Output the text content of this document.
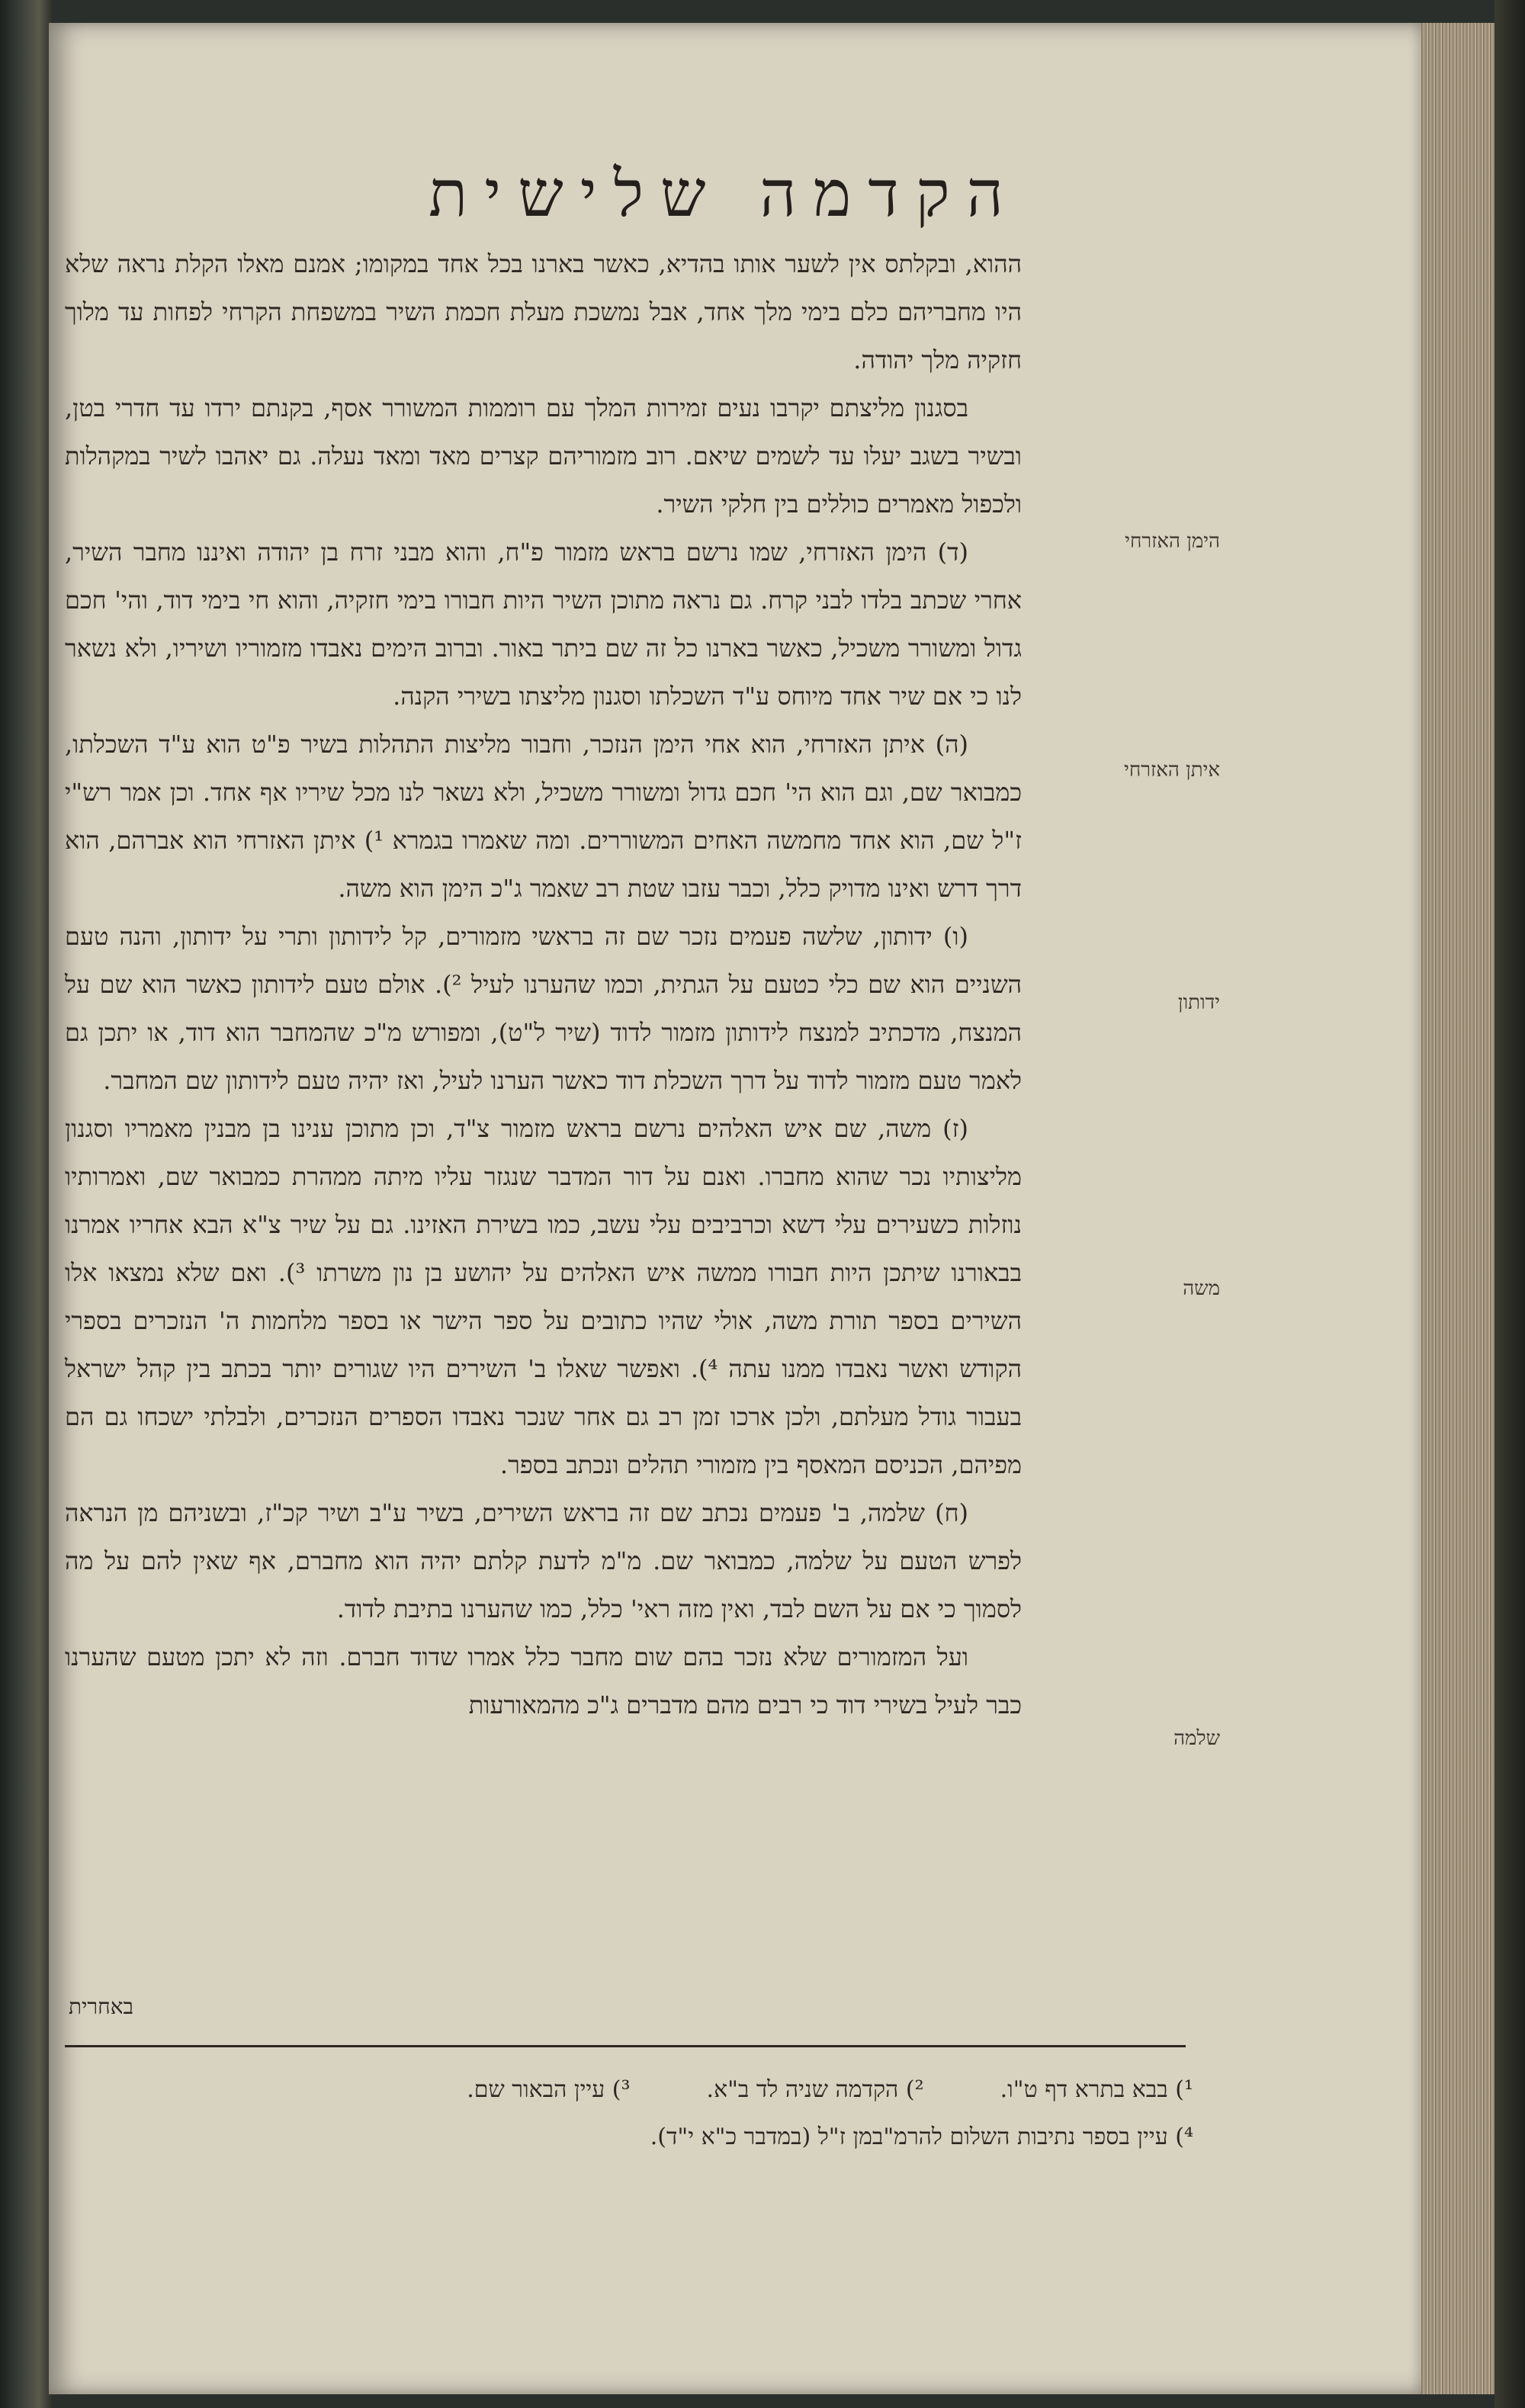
הקדמה שלישית

ההוא, ובקלתס אין לשער אותו בהדיא, כאשר בארנו בכל אחד במקומו; אמנם מאלו הקלת נראה שלא היו מחבריהם כלם בימי מלך אחד, אבל נמשכת מעלת חכמת השיר במשפחת הקרחי לפחות עד מלוך חזקיה מלך יהודה.

בסגנון מליצתם יקרבו נעים זמירות המלך עם רוממות המשורר אסף, בקנתם ירדו עד חדרי בטן, ובשיר בשגב יעלו עד לשמים שיאם. רוב מזמוריהם קצרים מאד ומאד נעלה. גם יאהבו לשיר במקהלות ולכפול מאמרים כוללים בין חלקי השיר.

(ד) הימן האזרחי, שמו נרשם בראש מזמור פ"ח, והוא מבני זרח בן יהודה ואיננו מחבר השיר, אחרי שכתב בלדו לבני קרח. גם נראה מתוכן השיר היות חבורו בימי חזקיה, והוא חי בימי דוד, והי' חכם גדול ומשורר משכיל, כאשר בארנו כל זה שם ביתר באור. וברוב הימים נאבדו מזמוריו ושיריו, ולא נשאר לנו כי אם שיר אחד מיוחס ע"ד השכלתו וסגנון מליצתו בשירי הקנה.

(ה) איתן האזרחי, הוא אחי הימן הנזכר, וחבור מליצות התהלות בשיר פ"ט הוא ע"ד השכלתו, כמבואר שם, וגם הוא הי' חכם גדול ומשורר משכיל, ולא נשאר לנו מכל שיריו אף אחד. וכן אמר רש"י ז"ל שם, הוא אחד מחמשה האחים המשוררים. ומה שאמרו בגמרא ¹) איתן האזרחי הוא אברהם, הוא דרך דרש ואינו מדויק כלל, וכבר עזבו שטת רב שאמר ג"כ הימן הוא משה.

(ו) ידותון, שלשה פעמים נזכר שם זה בראשי מזמורים, קל לידותון ותרי על ידותון, והנה טעם השניים הוא שם כלי כטעם על הגתית, וכמו שהערנו לעיל ²). אולם טעם לידותון כאשר הוא שם על המנצח, מדכתיב למנצח לידותון מזמור לדוד (שיר ל"ט), ומפורש מ"כ שהמחבר הוא דוד, או יתכן גם לאמר טעם מזמור לדוד על דרך השכלת דוד כאשר הערנו לעיל, ואז יהיה טעם לידותון שם המחבר.

(ז) משה, שם איש האלהים נרשם בראש מזמור צ"ד, וכן מתוכן ענינו בן מבנין מאמריו וסגנון מליצותיו נכר שהוא מחברו. ואנם על דור המדבר שנגזר עליו מיתה ממהרת כמבואר שם, ואמרותיו נוזלות כשעירים עלי דשא וכרביבים עלי עשב, כמו בשירת האזינו. גם על שיר צ"א הבא אחריו אמרנו בבאורנו שיתכן היות חבורו ממשה איש האלהים על יהושע בן נון משרתו ³). ואם שלא נמצאו אלו השירים בספר תורת משה, אולי שהיו כתובים על ספר הישר או בספר מלחמות ה' הנזכרים בספרי הקודש ואשר נאבדו ממנו עתה ⁴). ואפשר שאלו ב' השירים היו שגורים יותר בכתב בין קהל ישראל בעבור גודל מעלתם, ולכן ארכו זמן רב גם אחר שנכר נאבדו הספרים הנזכרים, ולבלתי ישכחו גם הם מפיהם, הכניסם המאסף בין מזמורי תהלים ונכתב בספר.

(ח) שלמה, ב' פעמים נכתב שם זה בראש השירים, בשיר ע"ב ושיר קכ"ז, ובשניהם מן הנראה לפרש הטעם על שלמה, כמבואר שם. מ"מ לדעת קלתם יהיה הוא מחברם, אף שאין להם על מה לסמוך כי אם על השם לבד, ואין מזה ראי' כלל, כמו שהערנו בתיבת לדוד.

ועל המזמורים שלא נזכר בהם שום מחבר כלל אמרו שדוד חברם. וזה לא יתכן מטעם שהערנו כבר לעיל בשירי דוד כי רבים מהם מדברים ג"כ מהמאורעות

הימן האזרחי
איתן האזרחי
ידותון
משה
שלמה
באחרית
¹) בבא בתרא דף ט"ו.
²) הקדמה שניה לד ב"א.
³) עיין הבאור שם.
⁴) עיין בספר נתיבות השלום להרמ"במן ז"ל (במדבר כ"א י"ד).
